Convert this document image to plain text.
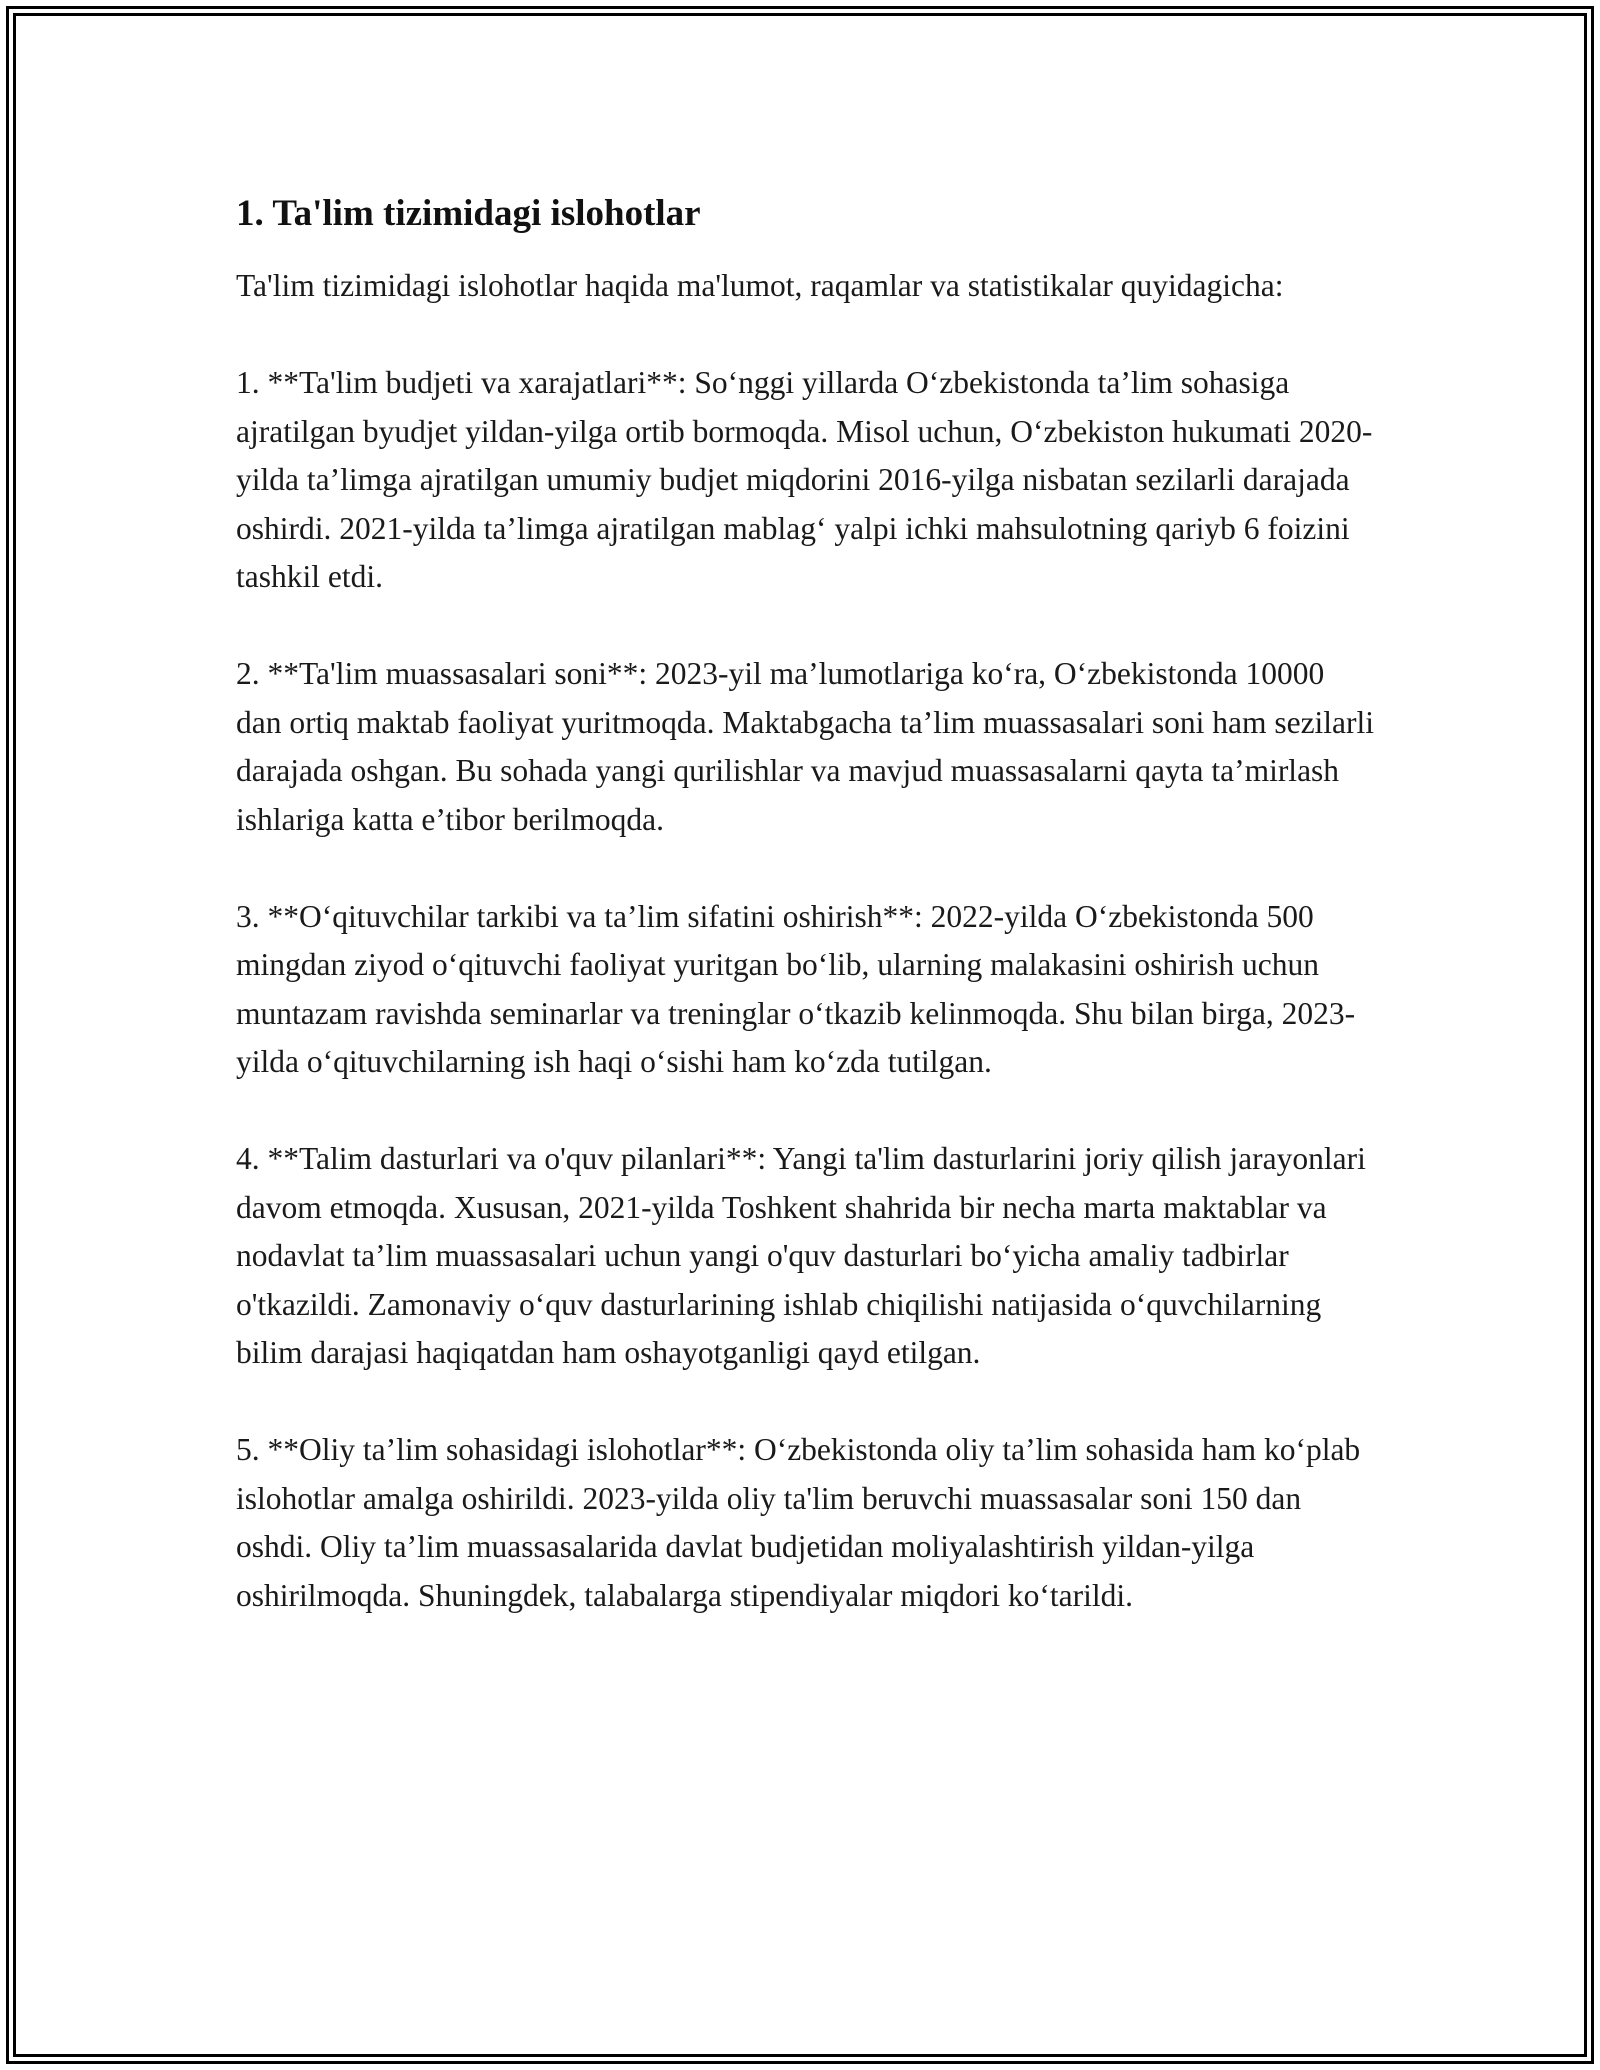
1. Ta'lim tizimidagi islohotlar

Ta'lim tizimidagi islohotlar haqida ma'lumot, raqamlar va statistikalar quyidagicha:

1. **Ta'lim budjeti va xarajatlari**: So‘nggi yillarda O‘zbekistonda ta’lim sohasiga ajratilgan byudjet yildan-yilga ortib bormoqda. Misol uchun, O‘zbekiston hukumati 2020-yilda ta’limga ajratilgan umumiy budjet miqdorini 2016-yilga nisbatan sezilarli darajada oshirdi. 2021-yilda ta’limga ajratilgan mablag‘ yalpi ichki mahsulotning qariyb 6 foizini tashkil etdi.

2. **Ta'lim muassasalari soni**: 2023-yil ma’lumotlariga ko‘ra, O‘zbekistonda 10000 dan ortiq maktab faoliyat yuritmoqda. Maktabgacha ta’lim muassasalari soni ham sezilarli darajada oshgan. Bu sohada yangi qurilishlar va mavjud muassasalarni qayta ta’mirlash ishlariga katta e’tibor berilmoqda.

3. **O‘qituvchilar tarkibi va ta’lim sifatini oshirish**: 2022-yilda O‘zbekistonda 500 mingdan ziyod o‘qituvchi faoliyat yuritgan bo‘lib, ularning malakasini oshirish uchun muntazam ravishda seminarlar va treninglar o‘tkazib kelinmoqda. Shu bilan birga, 2023-yilda o‘qituvchilarning ish haqi o‘sishi ham ko‘zda tutilgan.

4. **Talim dasturlari va o'quv pilanlari**: Yangi ta'lim dasturlarini joriy qilish jarayonlari davom etmoqda. Xususan, 2021-yilda Toshkent shahrida bir necha marta maktablar va nodavlat ta’lim muassasalari uchun yangi o'quv dasturlari bo‘yicha amaliy tadbirlar o'tkazildi. Zamonaviy o‘quv dasturlarining ishlab chiqilishi natijasida o‘quvchilarning bilim darajasi haqiqatdan ham oshayotganligi qayd etilgan.

5. **Oliy ta’lim sohasidagi islohotlar**: O‘zbekistonda oliy ta’lim sohasida ham ko‘plab islohotlar amalga oshirildi. 2023-yilda oliy ta'lim beruvchi muassasalar soni 150 dan oshdi. Oliy ta’lim muassasalarida davlat budjetidan moliyalashtirish yildan-yilga oshirilmoqda. Shuningdek, talabalarga stipendiyalar miqdori ko‘tarildi.
